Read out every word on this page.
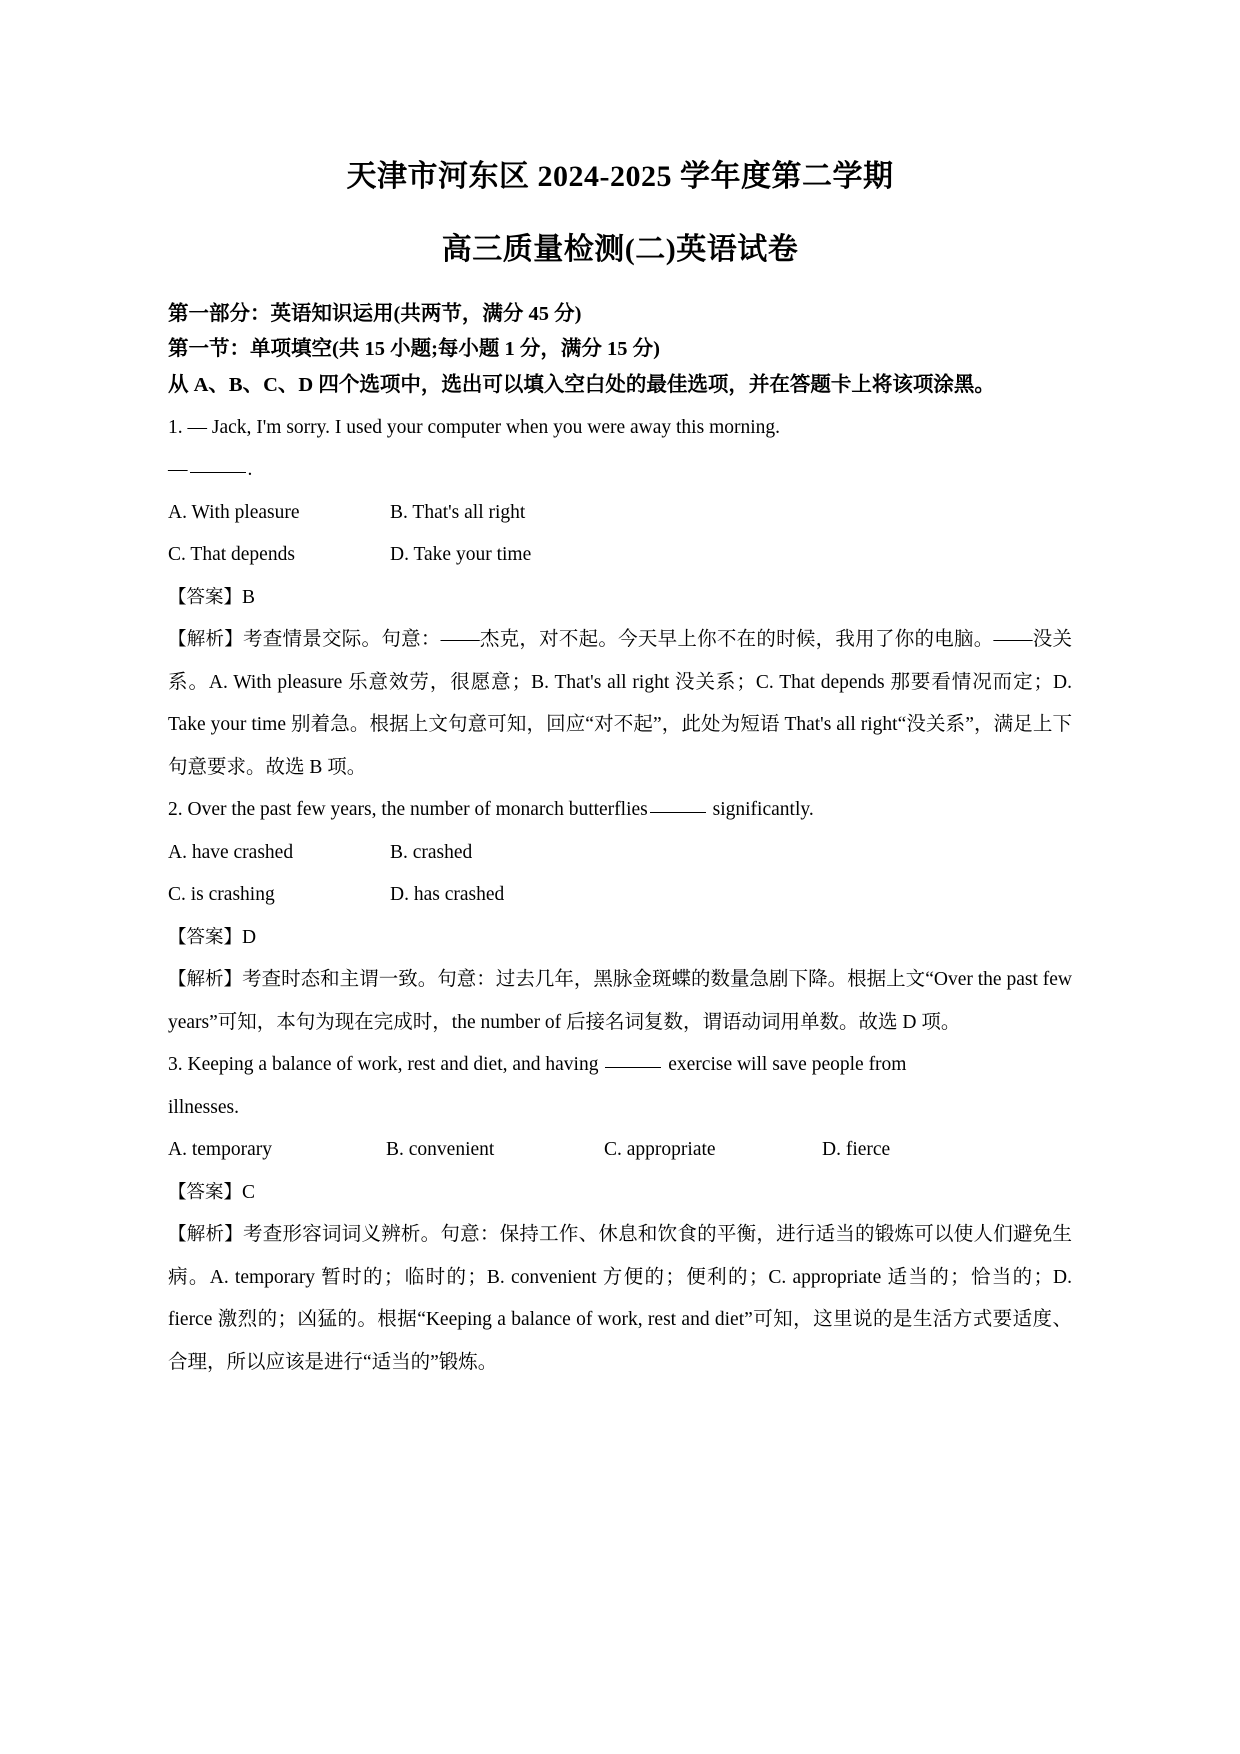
天津市河东区 2024-2025 学年度第二学期
高三质量检测(二)英语试卷

第一部分：英语知识运用(共两节，满分 45 分)

第一节：单项填空(共 15 小题;每小题 1 分，满分 15 分)

从 A、B、C、D 四个选项中，选出可以填入空白处的最佳选项，并在答题卡上将该项涂黑。

1. — Jack, I'm sorry. I used your computer when you were away this morning.

—	.

A. With pleasure	B. That's all right
C. That depends	D. Take your time

【答案】B

【解析】考查情景交际。句意：——杰克，对不起。今天早上你不在的时候，我用了你的电脑。——没关系。A. With pleasure 乐意效劳，很愿意；B. That's all right 没关系；C. That depends 那要看情况而定；D. Take your time 别着急。根据上文句意可知，回应“对不起”，此处为短语 That's all right“没关系”，满足上下句意要求。故选 B 项。

2. Over the past few years, the number of monarch butterflies	significantly.

A. have crashed	B. crashed
C. is crashing	D. has crashed

【答案】D

【解析】考查时态和主谓一致。句意：过去几年，黑脉金斑蝶的数量急剧下降。根据上文“Over the past few years”可知，本句为现在完成时，the number of 后接名词复数，谓语动词用单数。故选 D 项。

3. Keeping a balance of work, rest and diet, and having	exercise will save people from

illnesses.

A. temporary	B. convenient	C. appropriate	D. fierce

【答案】C

【解析】考查形容词词义辨析。句意：保持工作、休息和饮食的平衡，进行适当的锻炼可以使人们避免生病。A. temporary 暂时的；临时的；B. convenient 方便的；便利的；C. appropriate 适当的；恰当的；D. fierce 激烈的；凶猛的。根据“Keeping a balance of work, rest and diet”可知，这里说的是生活方式要适度、合理，所以应该是进行“适当的”锻炼。
